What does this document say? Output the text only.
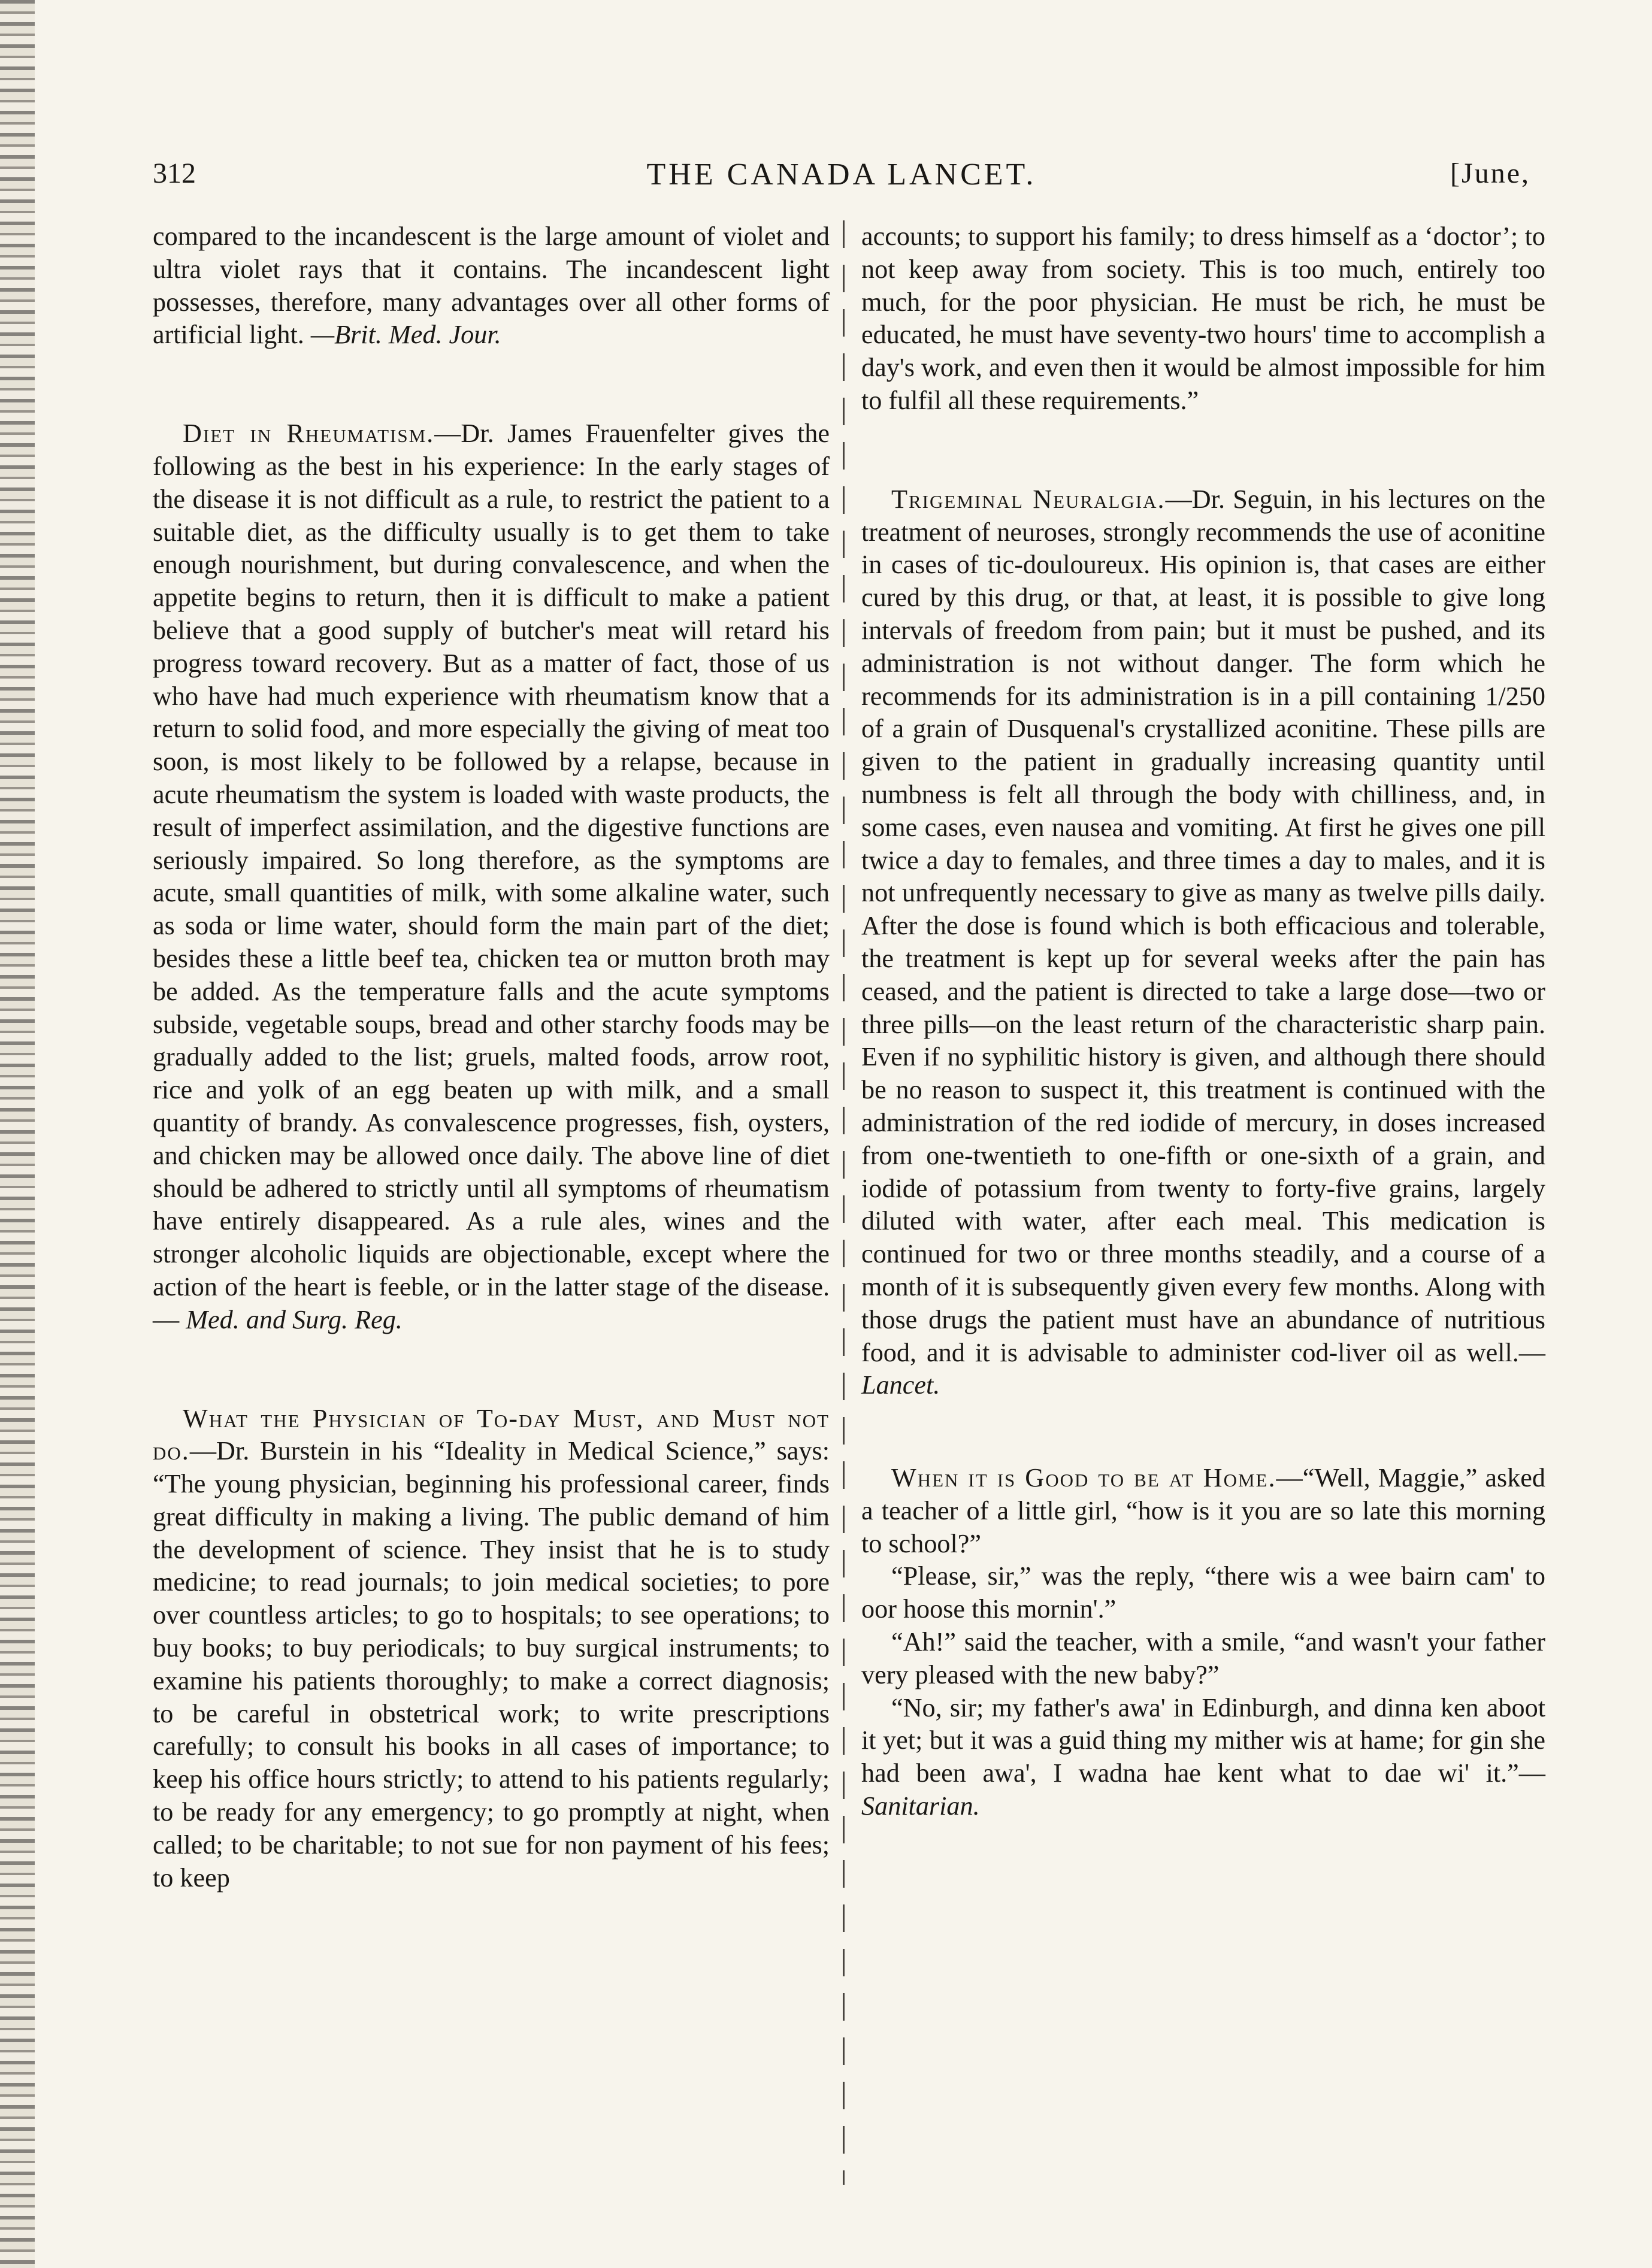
312	THE CANADA LANCET.	[June,

compared to the incandescent is the large amount of violet and ultra violet rays that it contains. The incandescent light possesses, therefore, many advantages over all other forms of artificial light. —Brit. Med. Jour.

Diet in Rheumatism.—Dr. James Frauenfelter gives the following as the best in his experience: In the early stages of the disease it is not difficult as a rule, to restrict the patient to a suitable diet, as the difficulty usually is to get them to take enough nourishment, but during convalescence, and when the appetite begins to return, then it is difficult to make a patient believe that a good supply of butcher's meat will retard his progress toward recovery. But as a matter of fact, those of us who have had much experience with rheumatism know that a return to solid food, and more especially the giving of meat too soon, is most likely to be followed by a relapse, because in acute rheumatism the system is loaded with waste products, the result of imperfect assimilation, and the digestive functions are seriously impaired. So long therefore, as the symptoms are acute, small quantities of milk, with some alkaline water, such as soda or lime water, should form the main part of the diet; besides these a little beef tea, chicken tea or mutton broth may be added. As the temperature falls and the acute symptoms subside, vegetable soups, bread and other starchy foods may be gradually added to the list; gruels, malted foods, arrow root, rice and yolk of an egg beaten up with milk, and a small quantity of brandy. As convalescence progresses, fish, oysters, and chicken may be allowed once daily. The above line of diet should be adhered to strictly until all symptoms of rheumatism have entirely disappeared. As a rule ales, wines and the stronger alcoholic liquids are objectionable, except where the action of the heart is feeble, or in the latter stage of the disease.— Med. and Surg. Reg.

What the Physician of To-day Must, and Must not do.—Dr. Burstein in his “Ideality in Medical Science,” says: “The young physician, beginning his professional career, finds great difficulty in making a living. The public demand of him the development of science. They insist that he is to study medicine; to read journals; to join medical societies; to pore over countless articles; to go to hospitals; to see operations; to buy books; to buy periodicals; to buy surgical instruments; to examine his patients thoroughly; to make a correct diagnosis; to be careful in obstetrical work; to write prescriptions carefully; to consult his books in all cases of importance; to keep his office hours strictly; to attend to his patients regularly; to be ready for any emergency; to go promptly at night, when called; to be charitable; to not sue for non payment of his fees; to keep

accounts; to support his family; to dress himself as a ‘doctor’; to not keep away from society. This is too much, entirely too much, for the poor physician. He must be rich, he must be educated, he must have seventy-two hours' time to accomplish a day's work, and even then it would be almost impossible for him to fulfil all these requirements.”

Trigeminal Neuralgia.—Dr. Seguin, in his lectures on the treatment of neuroses, strongly recommends the use of aconitine in cases of tic-douloureux. His opinion is, that cases are either cured by this drug, or that, at least, it is possible to give long intervals of freedom from pain; but it must be pushed, and its administration is not without danger. The form which he recommends for its administration is in a pill containing 1/250 of a grain of Dusquenal's crystallized aconitine. These pills are given to the patient in gradually increasing quantity until numbness is felt all through the body with chilliness, and, in some cases, even nausea and vomiting. At first he gives one pill twice a day to females, and three times a day to males, and it is not unfrequently necessary to give as many as twelve pills daily. After the dose is found which is both efficacious and tolerable, the treatment is kept up for several weeks after the pain has ceased, and the patient is directed to take a large dose—two or three pills—on the least return of the characteristic sharp pain. Even if no syphilitic history is given, and although there should be no reason to suspect it, this treatment is continued with the administration of the red iodide of mercury, in doses increased from one-twentieth to one-fifth or one-sixth of a grain, and iodide of potassium from twenty to forty-five grains, largely diluted with water, after each meal. This medication is continued for two or three months steadily, and a course of a month of it is subsequently given every few months. Along with those drugs the patient must have an abundance of nutritious food, and it is advisable to administer cod-liver oil as well.— Lancet.

When it is Good to be at Home.—“Well, Maggie,” asked a teacher of a little girl, “how is it you are so late this morning to school?”

“Please, sir,” was the reply, “there wis a wee bairn cam' to oor hoose this mornin'.”

“Ah!” said the teacher, with a smile, “and wasn't your father very pleased with the new baby?”

“No, sir; my father's awa' in Edinburgh, and dinna ken aboot it yet; but it was a guid thing my mither wis at hame; for gin she had been awa', I wadna hae kent what to dae wi' it.”— Sanitarian.
